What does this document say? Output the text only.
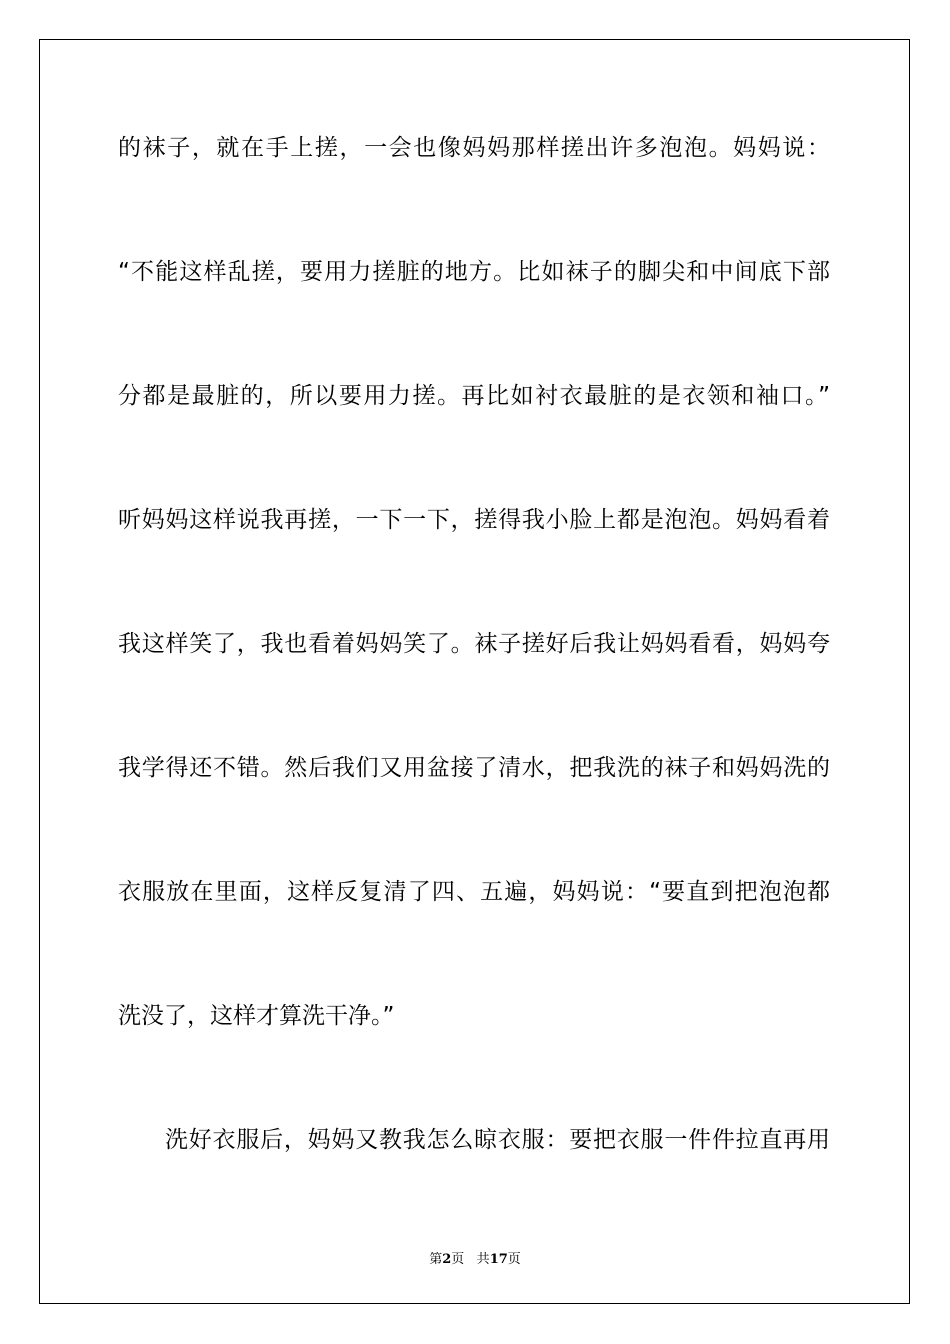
的袜子，就在手上搓，一会也像妈妈那样搓出许多泡泡。妈妈说：
“不能这样乱搓，要用力搓脏的地方。比如袜子的脚尖和中间底下部
分都是最脏的，所以要用力搓。再比如衬衣最脏的是衣领和袖口。”
听妈妈这样说我再搓，一下一下，搓得我小脸上都是泡泡。妈妈看着
我这样笑了，我也看着妈妈笑了。袜子搓好后我让妈妈看看，妈妈夸
我学得还不错。然后我们又用盆接了清水，把我洗的袜子和妈妈洗的
衣服放在里面，这样反复清了四、五遍，妈妈说：“要直到把泡泡都
洗没了，这样才算洗干净。”
洗好衣服后，妈妈又教我怎么晾衣服：要把衣服一件件拉直再用
第2页 共17页
